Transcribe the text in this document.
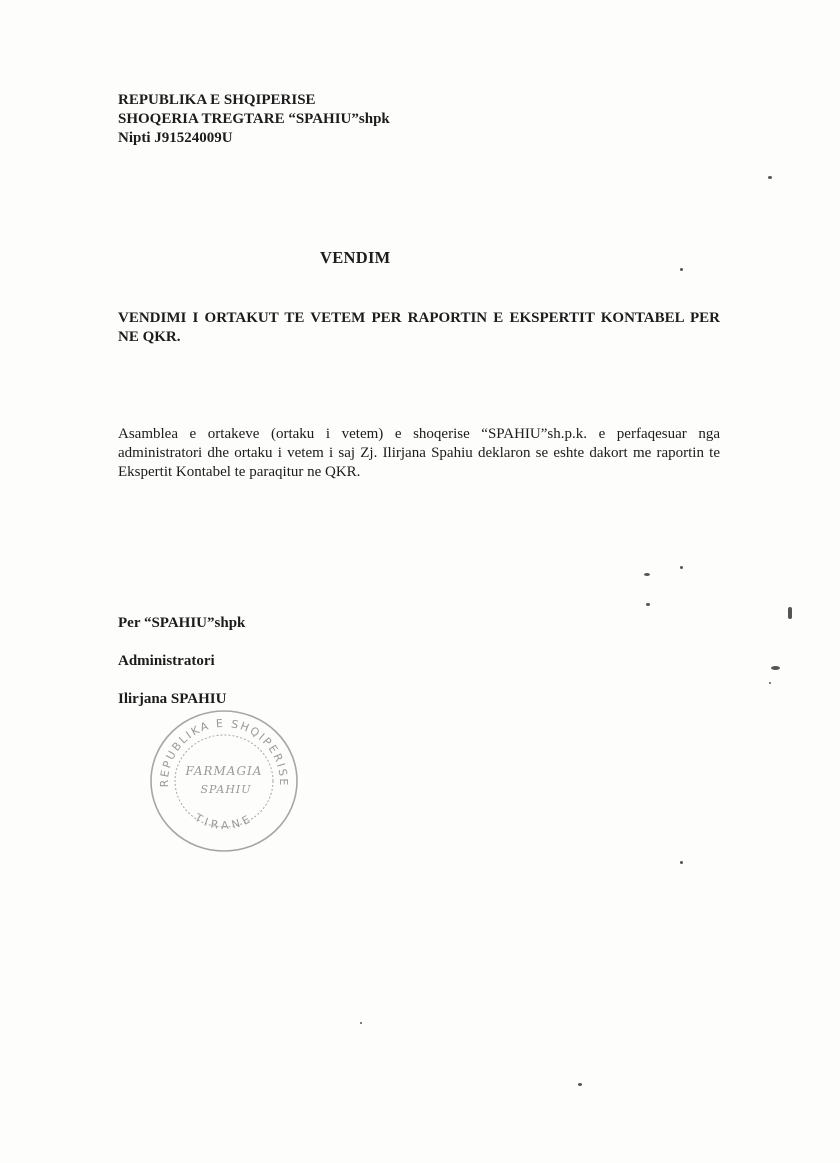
REPUBLIKA E SHQIPERISE
SHOQERIA TREGTARE “SPAHIU”shpk
Nipti J91524009U
VENDIM
VENDIMI I ORTAKUT TE VETEM PER RAPORTIN E EKSPERTIT KONTABEL PER NE QKR.
Asamblea e ortakeve (ortaku i vetem) e shoqerise “SPAHIU”sh.p.k. e perfaqesuar nga administratori dhe ortaku i vetem i saj Zj. Ilirjana Spahiu deklaron se eshte dakort me raportin te Ekspertit Kontabel te paraqitur ne QKR.
Per “SPAHIU”shpk
Administratori
Ilirjana SPAHIU
REPUBLIKA E SHQIPERISE
TIRANE
FARMAGIA
SPAHIU
